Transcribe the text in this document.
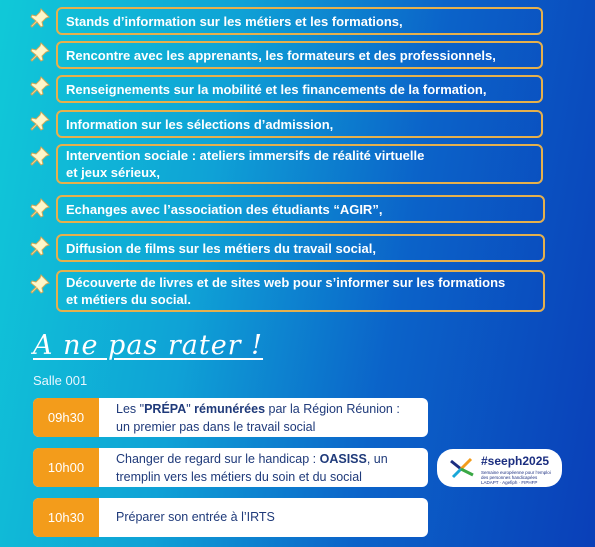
Stands d’information sur les métiers et les formations,
Rencontre avec les apprenants, les formateurs et des professionnels,
Renseignements sur la mobilité et les financements de la formation,
Information sur les sélections d’admission,
Intervention sociale : ateliers immersifs de réalité virtuelle
et jeux sérieux,
Echanges avec l’association des étudiants “AGIR”,
Diffusion de films sur les métiers du travail social,
Découverte de livres et de sites web pour s’informer sur les formations
et métiers du social.
A ne pas rater !
Salle 001
09h30
Les "PRÉPA" rémunérées par la Région Réunion :
un premier pas dans le travail social
10h00
Changer de regard sur le handicap : OASISS, un
tremplin vers les métiers du soin et du social
10h30	Préparer son entrée à l’IRTS
#seeph2025
Semaine européenne pour l’emploi des personnes handicapées LADAPT · Agefiph · FIPHFP
